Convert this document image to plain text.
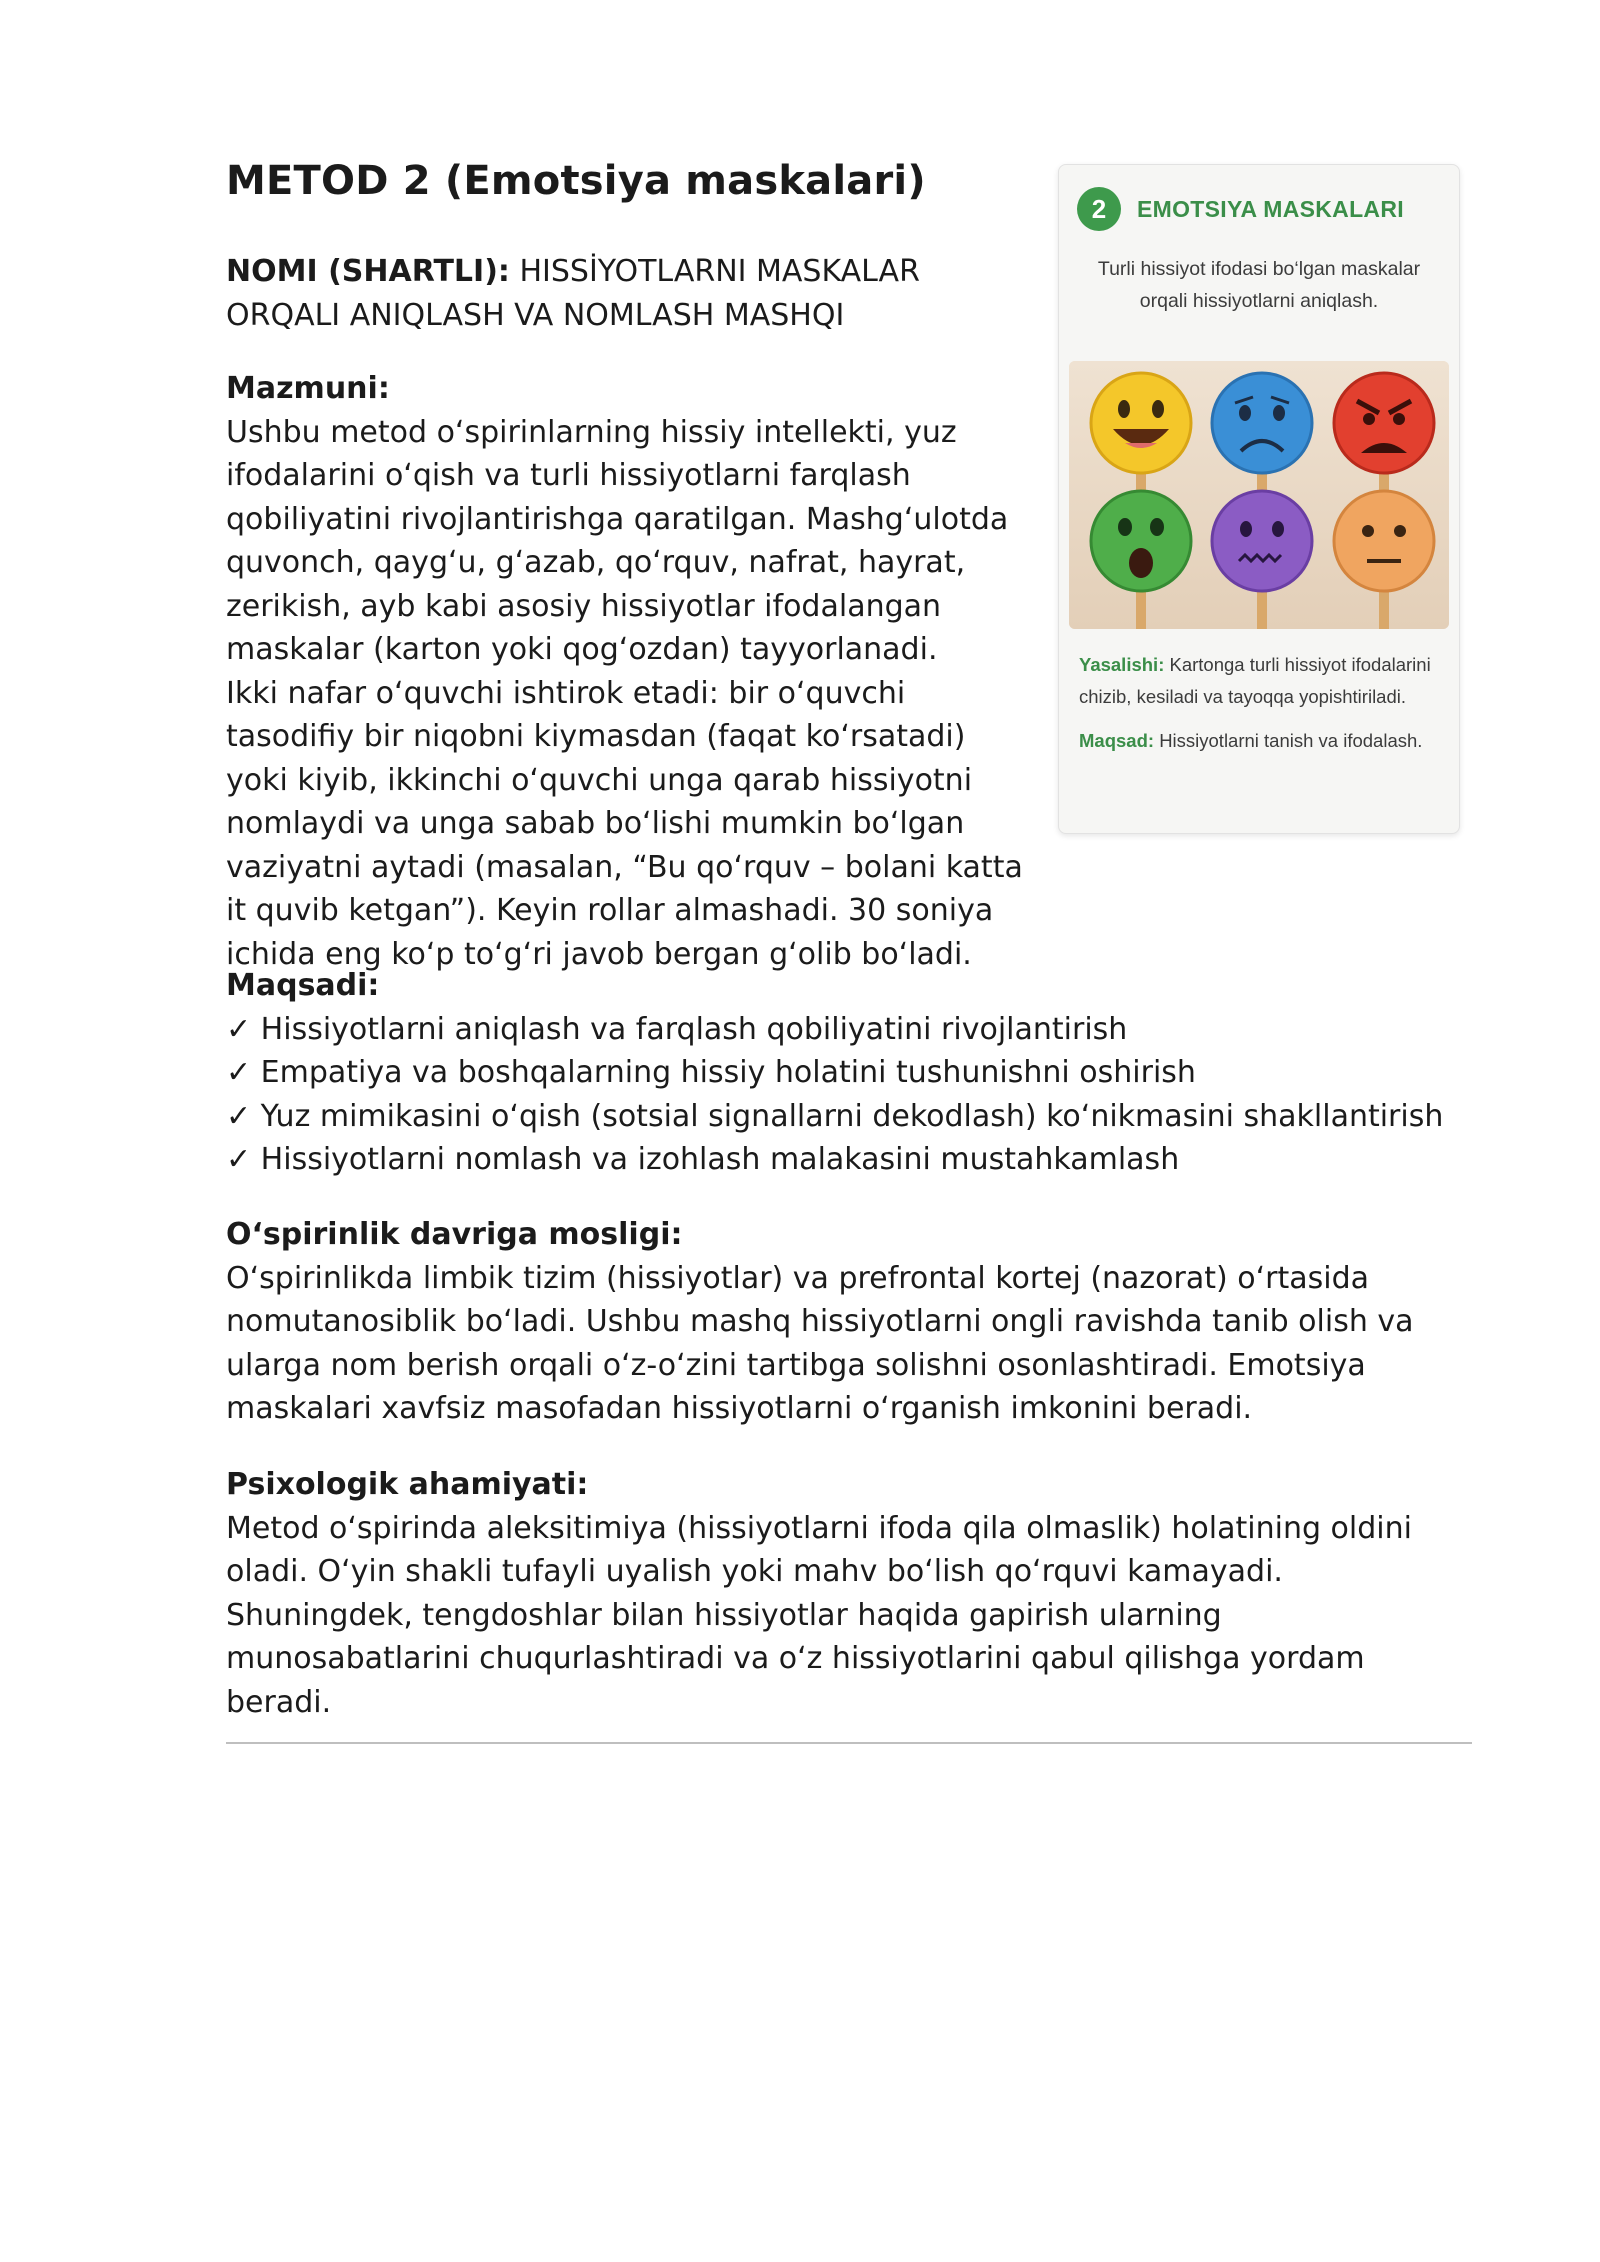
METOD 2 (Emotsiya maskalari)
NOMI (SHARTLI): HISSİYOTLARNI MASKALAR ORQALI ANIQLASH VA NOMLASH MASHQI
Mazmuni:
Ushbu metod o‘spirinlarning hissiy intellekti, yuz ifodalarini o‘qish va turli hissiyotlarni farqlash qobiliyatini rivojlantirishga qaratilgan. Mashg‘ulotda quvonch, qayg‘u, g‘azab, qo‘rquv, nafrat, hayrat, zerikish, ayb kabi asosiy hissiyotlar ifodalangan maskalar (karton yoki qog‘ozdan) tayyorlanadi.
Ikki nafar o‘quvchi ishtirok etadi: bir o‘quvchi tasodifiy bir niqobni kiymasdan (faqat ko‘rsatadi) yoki kiyib, ikkinchi o‘quvchi unga qarab hissiyotni nomlaydi va unga sabab bo‘lishi mumkin bo‘lgan vaziyatni aytadi (masalan, “Bu qo‘rquv – bolani katta it quvib ketgan”). Keyin rollar almashadi. 30 soniya ichida eng ko‘p to‘g‘ri javob bergan g‘olib bo‘ladi.
Maqsadi:
✓ Hissiyotlarni aniqlash va farqlash qobiliyatini rivojlantirish
✓ Empatiya va boshqalarning hissiy holatini tushunishni oshirish
✓ Yuz mimikasini o‘qish (sotsial signallarni dekodlash) ko‘nikmasini shakllantirish
✓ Hissiyotlarni nomlash va izohlash malakasini mustahkamlash
O‘spirinlik davriga mosligi:
O‘spirinlikda limbik tizim (hissiyotlar) va prefrontal kortej (nazorat) o‘rtasida nomutanosiblik bo‘ladi. Ushbu mashq hissiyotlarni ongli ravishda tanib olish va ularga nom berish orqali o‘z-o‘zini tartibga solishni osonlashtiradi. Emotsiya maskalari xavfsiz masofadan hissiyotlarni o‘rganish imkonini beradi.
Psixologik ahamiyati:
Metod o‘spirinda aleksitimiya (hissiyotlarni ifoda qila olmaslik) holatining oldini oladi. O‘yin shakli tufayli uyalish yoki mahv bo‘lish qo‘rquvi kamayadi. Shuningdek, tengdoshlar bilan hissiyotlar haqida gapirish ularning munosabatlarini chuqurlashtiradi va o‘z hissiyotlarini qabul qilishga yordam beradi.
2	EMOTSIYA MASKALARI
Turli hissiyot ifodasi bo‘lgan maskalar orqali hissiyotlarni aniqlash.

Yasalishi: Kartonga turli hissiyot ifodalarini chizib, kesiladi va tayoqqa yopishtiriladi.

Maqsad: Hissiyotlarni tanish va ifodalash.
